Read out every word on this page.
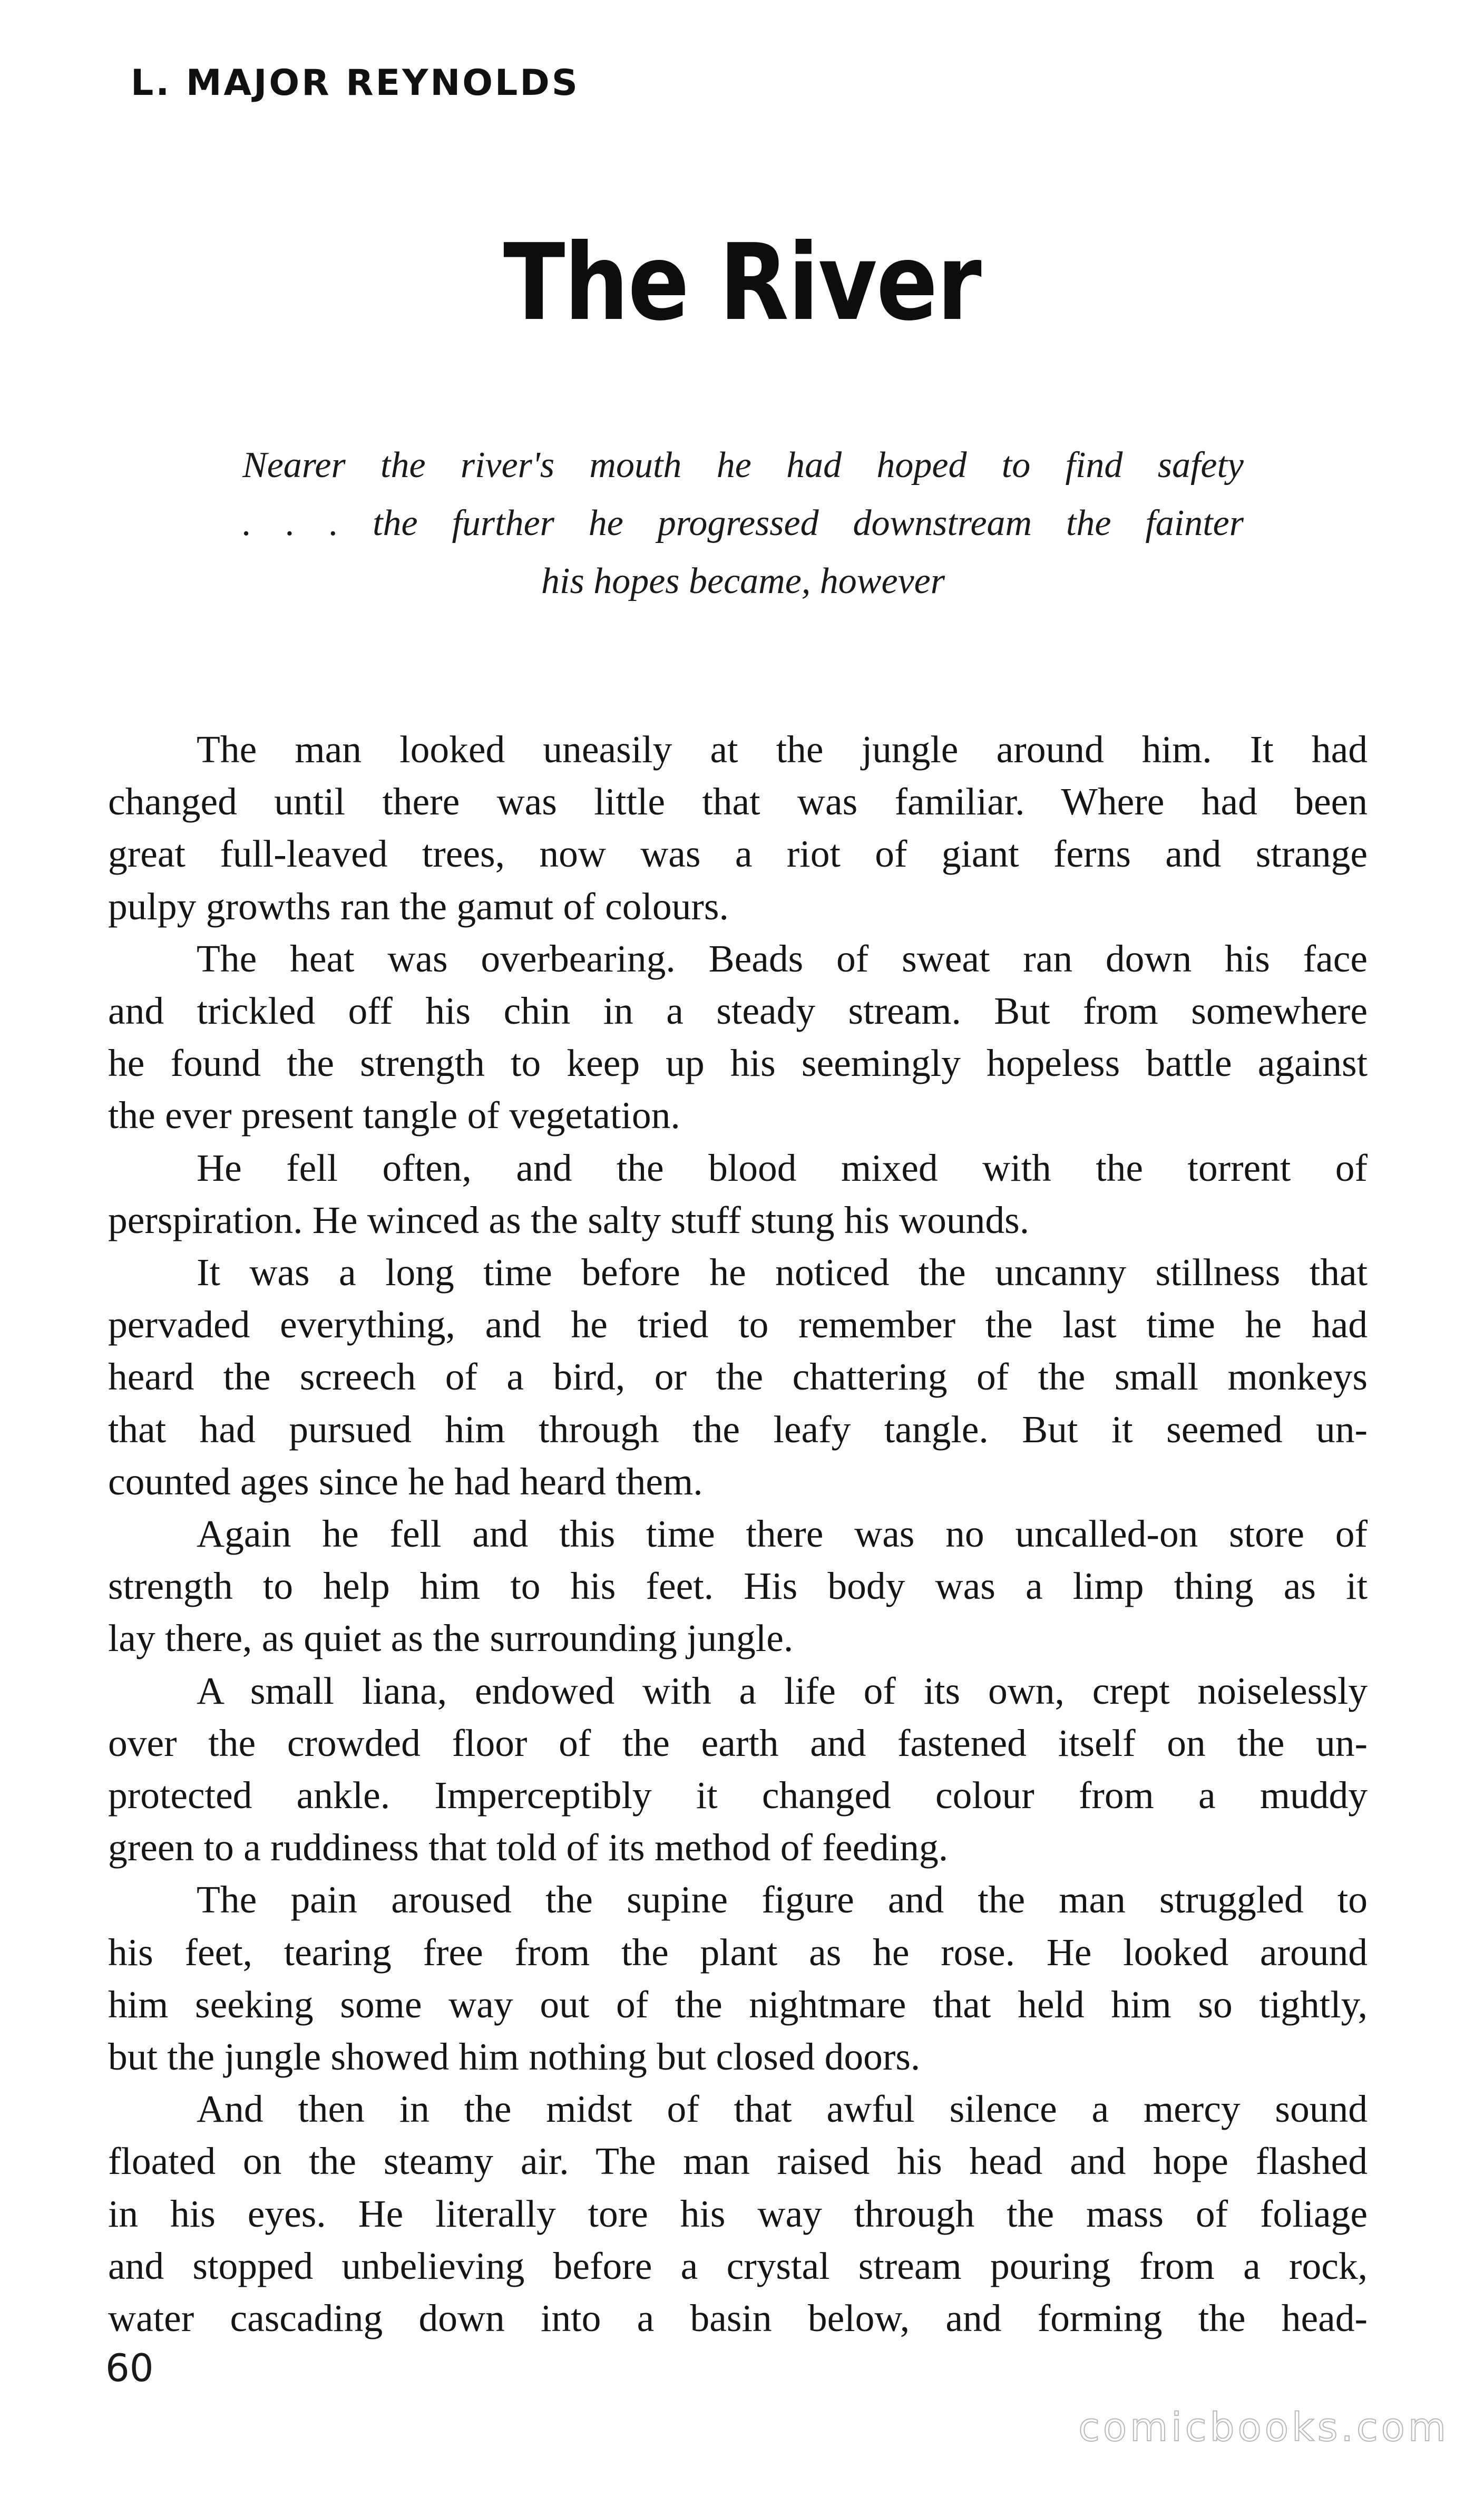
L. MAJOR REYNOLDS
The River
Nearer the river's mouth he had hoped to find safety
. . . the further he progressed downstream the fainter
his hopes became, however
The man looked uneasily at the jungle around him. It had
changed until there was little that was familiar. Where had been
great full-leaved trees, now was a riot of giant ferns and strange
pulpy growths ran the gamut of colours.
The heat was overbearing. Beads of sweat ran down his face
and trickled off his chin in a steady stream. But from somewhere
he found the strength to keep up his seemingly hopeless battle against
the ever present tangle of vegetation.
He fell often, and the blood mixed with the torrent of
perspiration. He winced as the salty stuff stung his wounds.
It was a long time before he noticed the uncanny stillness that
pervaded everything, and he tried to remember the last time he had
heard the screech of a bird, or the chattering of the small monkeys
that had pursued him through the leafy tangle. But it seemed un-
counted ages since he had heard them.
Again he fell and this time there was no uncalled-on store of
strength to help him to his feet. His body was a limp thing as it
lay there, as quiet as the surrounding jungle.
A small liana, endowed with a life of its own, crept noiselessly
over the crowded floor of the earth and fastened itself on the un-
protected ankle. Imperceptibly it changed colour from a muddy
green to a ruddiness that told of its method of feeding.
The pain aroused the supine figure and the man struggled to
his feet, tearing free from the plant as he rose. He looked around
him seeking some way out of the nightmare that held him so tightly,
but the jungle showed him nothing but closed doors.
And then in the midst of that awful silence a mercy sound
floated on the steamy air. The man raised his head and hope flashed
in his eyes. He literally tore his way through the mass of foliage
and stopped unbelieving before a crystal stream pouring from a rock,
water cascading down into a basin below, and forming the head-
60
comicbooks.com
